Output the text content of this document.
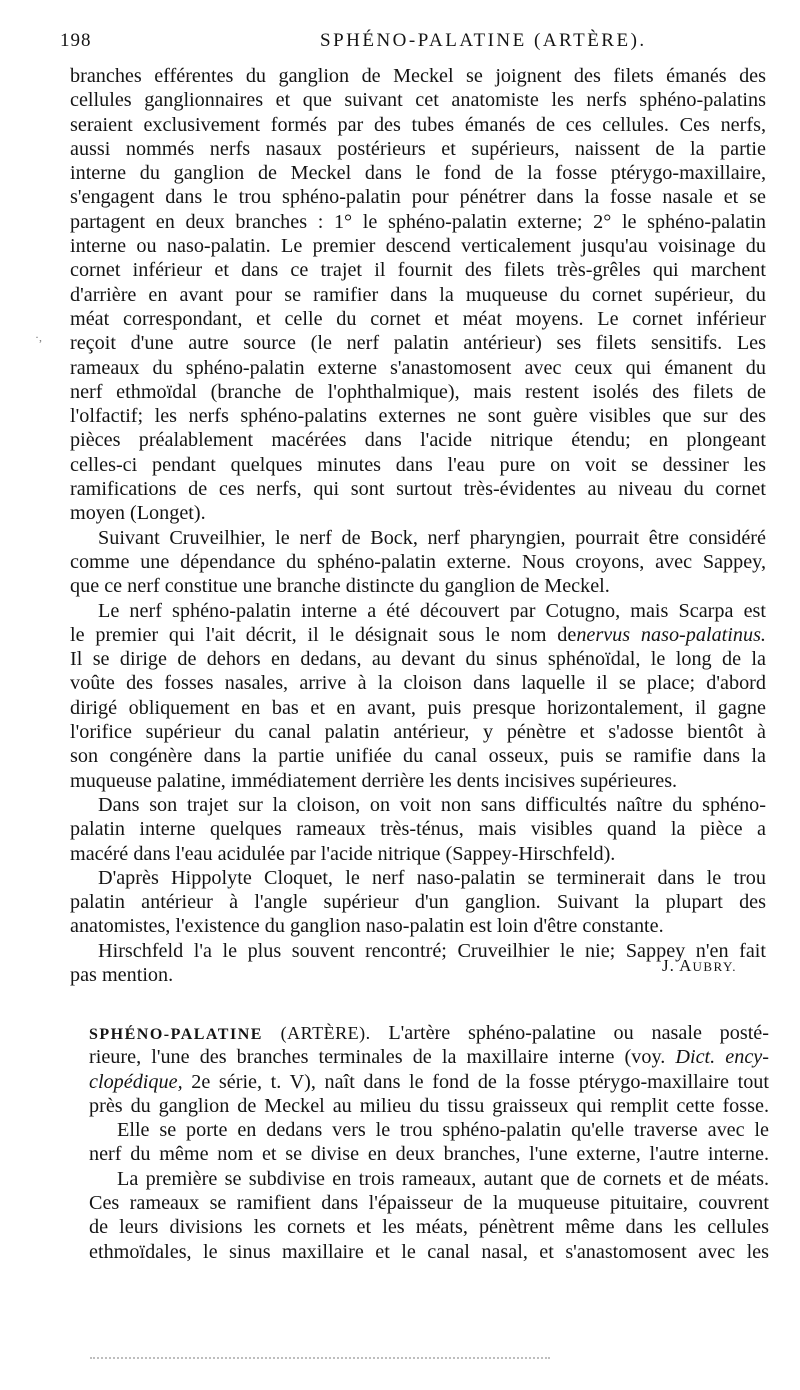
198	SPHÉNO-PALATINE (ARTÈRE).
·,
branches efférentes du ganglion de Meckel se joignent des filets émanés des
cellules ganglionnaires et que suivant cet anatomiste les nerfs sphéno-palatins
seraient exclusivement formés par des tubes émanés de ces cellules. Ces nerfs,
aussi nommés nerfs nasaux postérieurs et supérieurs, naissent de la partie
interne du ganglion de Meckel dans le fond de la fosse ptérygo-maxillaire,
s'engagent dans le trou sphéno-palatin pour pénétrer dans la fosse nasale et se
partagent en deux branches : 1° le sphéno-palatin externe; 2° le sphéno-palatin
interne ou naso-palatin. Le premier descend verticalement jusqu'au voisinage du
cornet inférieur et dans ce trajet il fournit des filets très-grêles qui marchent
d'arrière en avant pour se ramifier dans la muqueuse du cornet supérieur, du
méat correspondant, et celle du cornet et méat moyens. Le cornet inférieur
reçoit d'une autre source (le nerf palatin antérieur) ses filets sensitifs. Les
rameaux du sphéno-palatin externe s'anastomosent avec ceux qui émanent du
nerf ethmoïdal (branche de l'ophthalmique), mais restent isolés des filets de
l'olfactif; les nerfs sphéno-palatins externes ne sont guère visibles que sur des
pièces préalablement macérées dans l'acide nitrique étendu; en plongeant
celles-ci pendant quelques minutes dans l'eau pure on voit se dessiner les
ramifications de ces nerfs, qui sont surtout très-évidentes au niveau du cornet
moyen (Longet).
Suivant Cruveilhier, le nerf de Bock, nerf pharyngien, pourrait être considéré
comme une dépendance du sphéno-palatin externe. Nous croyons, avec Sappey,
que ce nerf constitue une branche distincte du ganglion de Meckel.
Le nerf sphéno-palatin interne a été découvert par Cotugno, mais Scarpa est
le premier qui l'ait décrit, il le désignait sous le nom denervus naso-palatinus.
Il se dirige de dehors en dedans, au devant du sinus sphénoïdal, le long de la
voûte des fosses nasales, arrive à la cloison dans laquelle il se place; d'abord
dirigé obliquement en bas et en avant, puis presque horizontalement, il gagne
l'orifice supérieur du canal palatin antérieur, y pénètre et s'adosse bientôt à
son congénère dans la partie unifiée du canal osseux, puis se ramifie dans la
muqueuse palatine, immédiatement derrière les dents incisives supérieures.
Dans son trajet sur la cloison, on voit non sans difficultés naître du sphéno-
palatin interne quelques rameaux très-ténus, mais visibles quand la pièce a
macéré dans l'eau acidulée par l'acide nitrique (Sappey-Hirschfeld).
D'après Hippolyte Cloquet, le nerf naso-palatin se terminerait dans le trou
palatin antérieur à l'angle supérieur d'un ganglion. Suivant la plupart des
anatomistes, l'existence du ganglion naso-palatin est loin d'être constante.
Hirschfeld l'a le plus souvent rencontré; Cruveilhier le nie; Sappey n'en fait
pas mention.	J. AUBRY.
SPHÉNO-PALATINE (ARTÈRE). L'artère sphéno-palatine ou nasale posté-
rieure, l'une des branches terminales de la maxillaire interne (voy. Dict. ency-
clopédique, 2e série, t. V), naît dans le fond de la fosse ptérygo-maxillaire tout
près du ganglion de Meckel au milieu du tissu graisseux qui remplit cette fosse.
Elle se porte en dedans vers le trou sphéno-palatin qu'elle traverse avec le
nerf du même nom et se divise en deux branches, l'une externe, l'autre interne.
La première se subdivise en trois rameaux, autant que de cornets et de méats.
Ces rameaux se ramifient dans l'épaisseur de la muqueuse pituitaire, couvrent
de leurs divisions les cornets et les méats, pénètrent même dans les cellules
ethmoïdales, le sinus maxillaire et le canal nasal, et s'anastomosent avec les
